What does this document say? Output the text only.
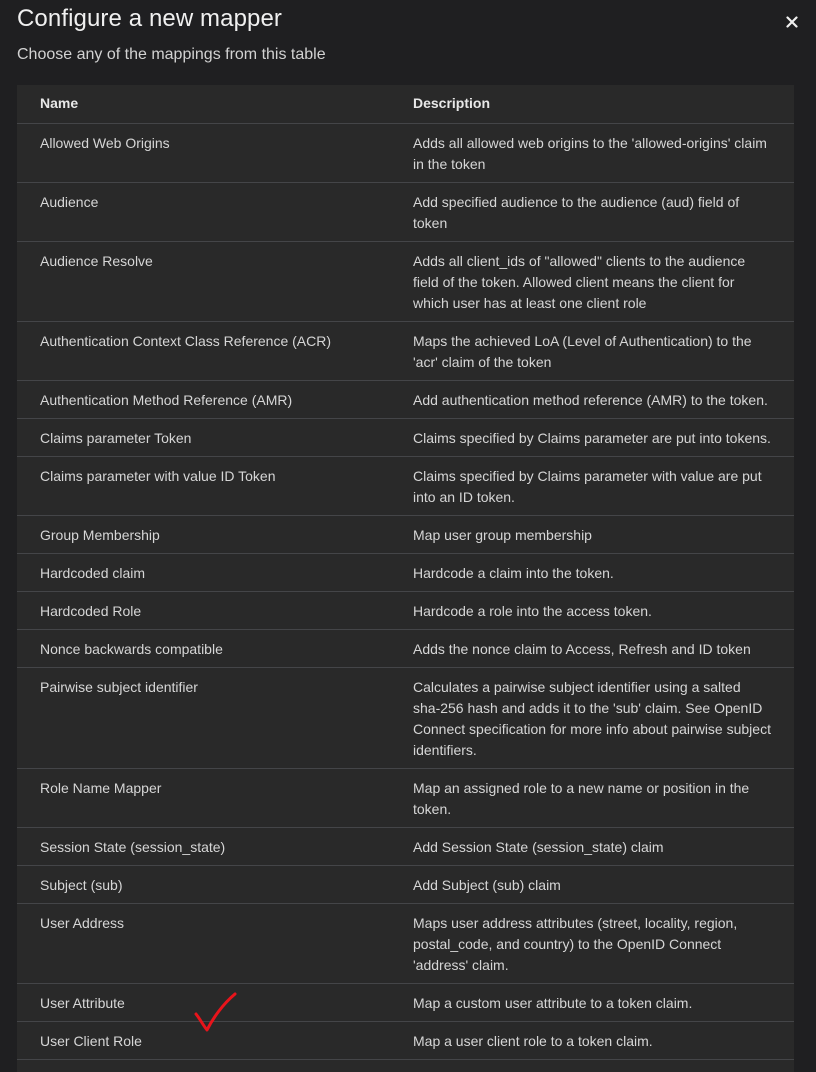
Configure a new mapper

Choose any of the mappings from this table

Name	Description
Allowed Web Origins	Adds all allowed web origins to the 'allowed-origins' claim in the token
Audience	Add specified audience to the audience (aud) field of token
Audience Resolve	Adds all client_ids of "allowed" clients to the audience field of the token. Allowed client means the client for which user has at least one client role
Authentication Context Class Reference (ACR)	Maps the achieved LoA (Level of Authentication) to the 'acr' claim of the token
Authentication Method Reference (AMR)	Add authentication method reference (AMR) to the token.
Claims parameter Token	Claims specified by Claims parameter are put into tokens.
Claims parameter with value ID Token	Claims specified by Claims parameter with value are put into an ID token.
Group Membership	Map user group membership
Hardcoded claim	Hardcode a claim into the token.
Hardcoded Role	Hardcode a role into the access token.
Nonce backwards compatible	Adds the nonce claim to Access, Refresh and ID token
Pairwise subject identifier	Calculates a pairwise subject identifier using a salted sha-256 hash and adds it to the 'sub' claim. See OpenID Connect specification for more info about pairwise subject identifiers.
Role Name Mapper	Map an assigned role to a new name or position in the token.
Session State (session_state)	Add Session State (session_state) claim
Subject (sub)	Add Subject (sub) claim
User Address	Maps user address attributes (street, locality, region, postal_code, and country) to the OpenID Connect 'address' claim.
User Attribute	Map a custom user attribute to a token claim.
User Client Role	Map a user client role to a token claim.
